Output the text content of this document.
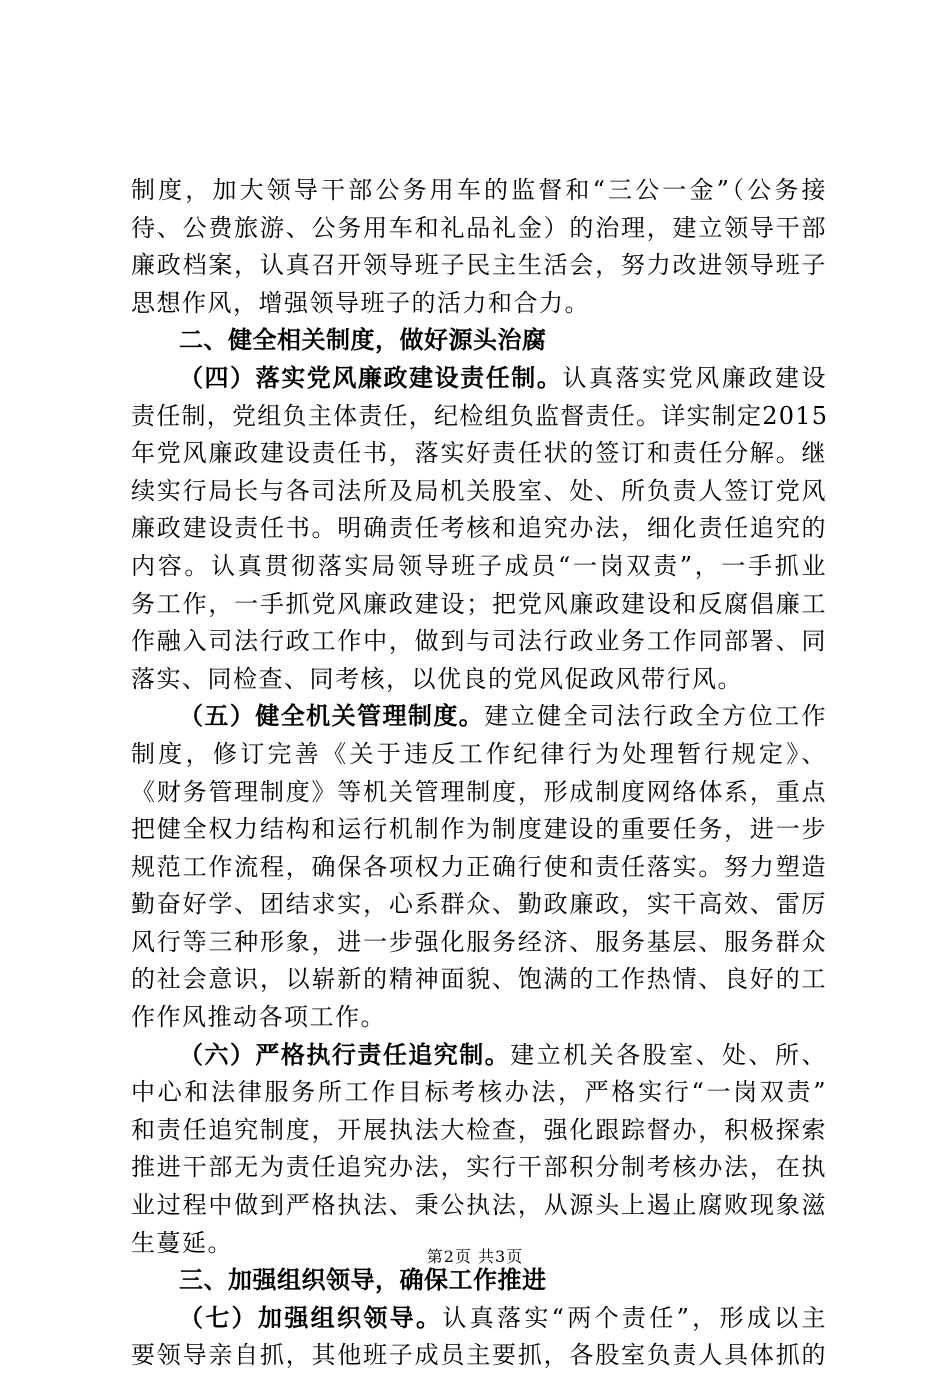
制度，加大领导干部公务用车的监督和“三公一金”（公务接
待、公费旅游、公务用车和礼品礼金）的治理，建立领导干部
廉政档案，认真召开领导班子民主生活会，努力改进领导班子
思想作风，增强领导班子的活力和合力。
二、健全相关制度，做好源头治腐
（四）落实党风廉政建设责任制。认真落实党风廉政建设
责任制，党组负主体责任，纪检组负监督责任。详实制定2015
年党风廉政建设责任书，落实好责任状的签订和责任分解。继
续实行局长与各司法所及局机关股室、处、所负责人签订党风
廉政建设责任书。明确责任考核和追究办法，细化责任追究的
内容。认真贯彻落实局领导班子成员“一岗双责”，一手抓业
务工作，一手抓党风廉政建设；把党风廉政建设和反腐倡廉工
作融入司法行政工作中，做到与司法行政业务工作同部署、同
落实、同检查、同考核，以优良的党风促政风带行风。
（五）健全机关管理制度。建立健全司法行政全方位工作
制度，修订完善《关于违反工作纪律行为处理暂行规定》、
《财务管理制度》等机关管理制度，形成制度网络体系，重点
把健全权力结构和运行机制作为制度建设的重要任务，进一步
规范工作流程，确保各项权力正确行使和责任落实。努力塑造
勤奋好学、团结求实，心系群众、勤政廉政，实干高效、雷厉
风行等三种形象，进一步强化服务经济、服务基层、服务群众
的社会意识，以崭新的精神面貌、饱满的工作热情、良好的工
作作风推动各项工作。
（六）严格执行责任追究制。建立机关各股室、处、所、
中心和法律服务所工作目标考核办法，严格实行“一岗双责”
和责任追究制度，开展执法大检查，强化跟踪督办，积极探索
推进干部无为责任追究办法，实行干部积分制考核办法，在执
业过程中做到严格执法、秉公执法，从源头上遏止腐败现象滋
生蔓延。
三、加强组织领导，确保工作推进
（七）加强组织领导。认真落实“两个责任”，形成以主
要领导亲自抓，其他班子成员主要抓，各股室负责人具体抓的
第2页 共3页
